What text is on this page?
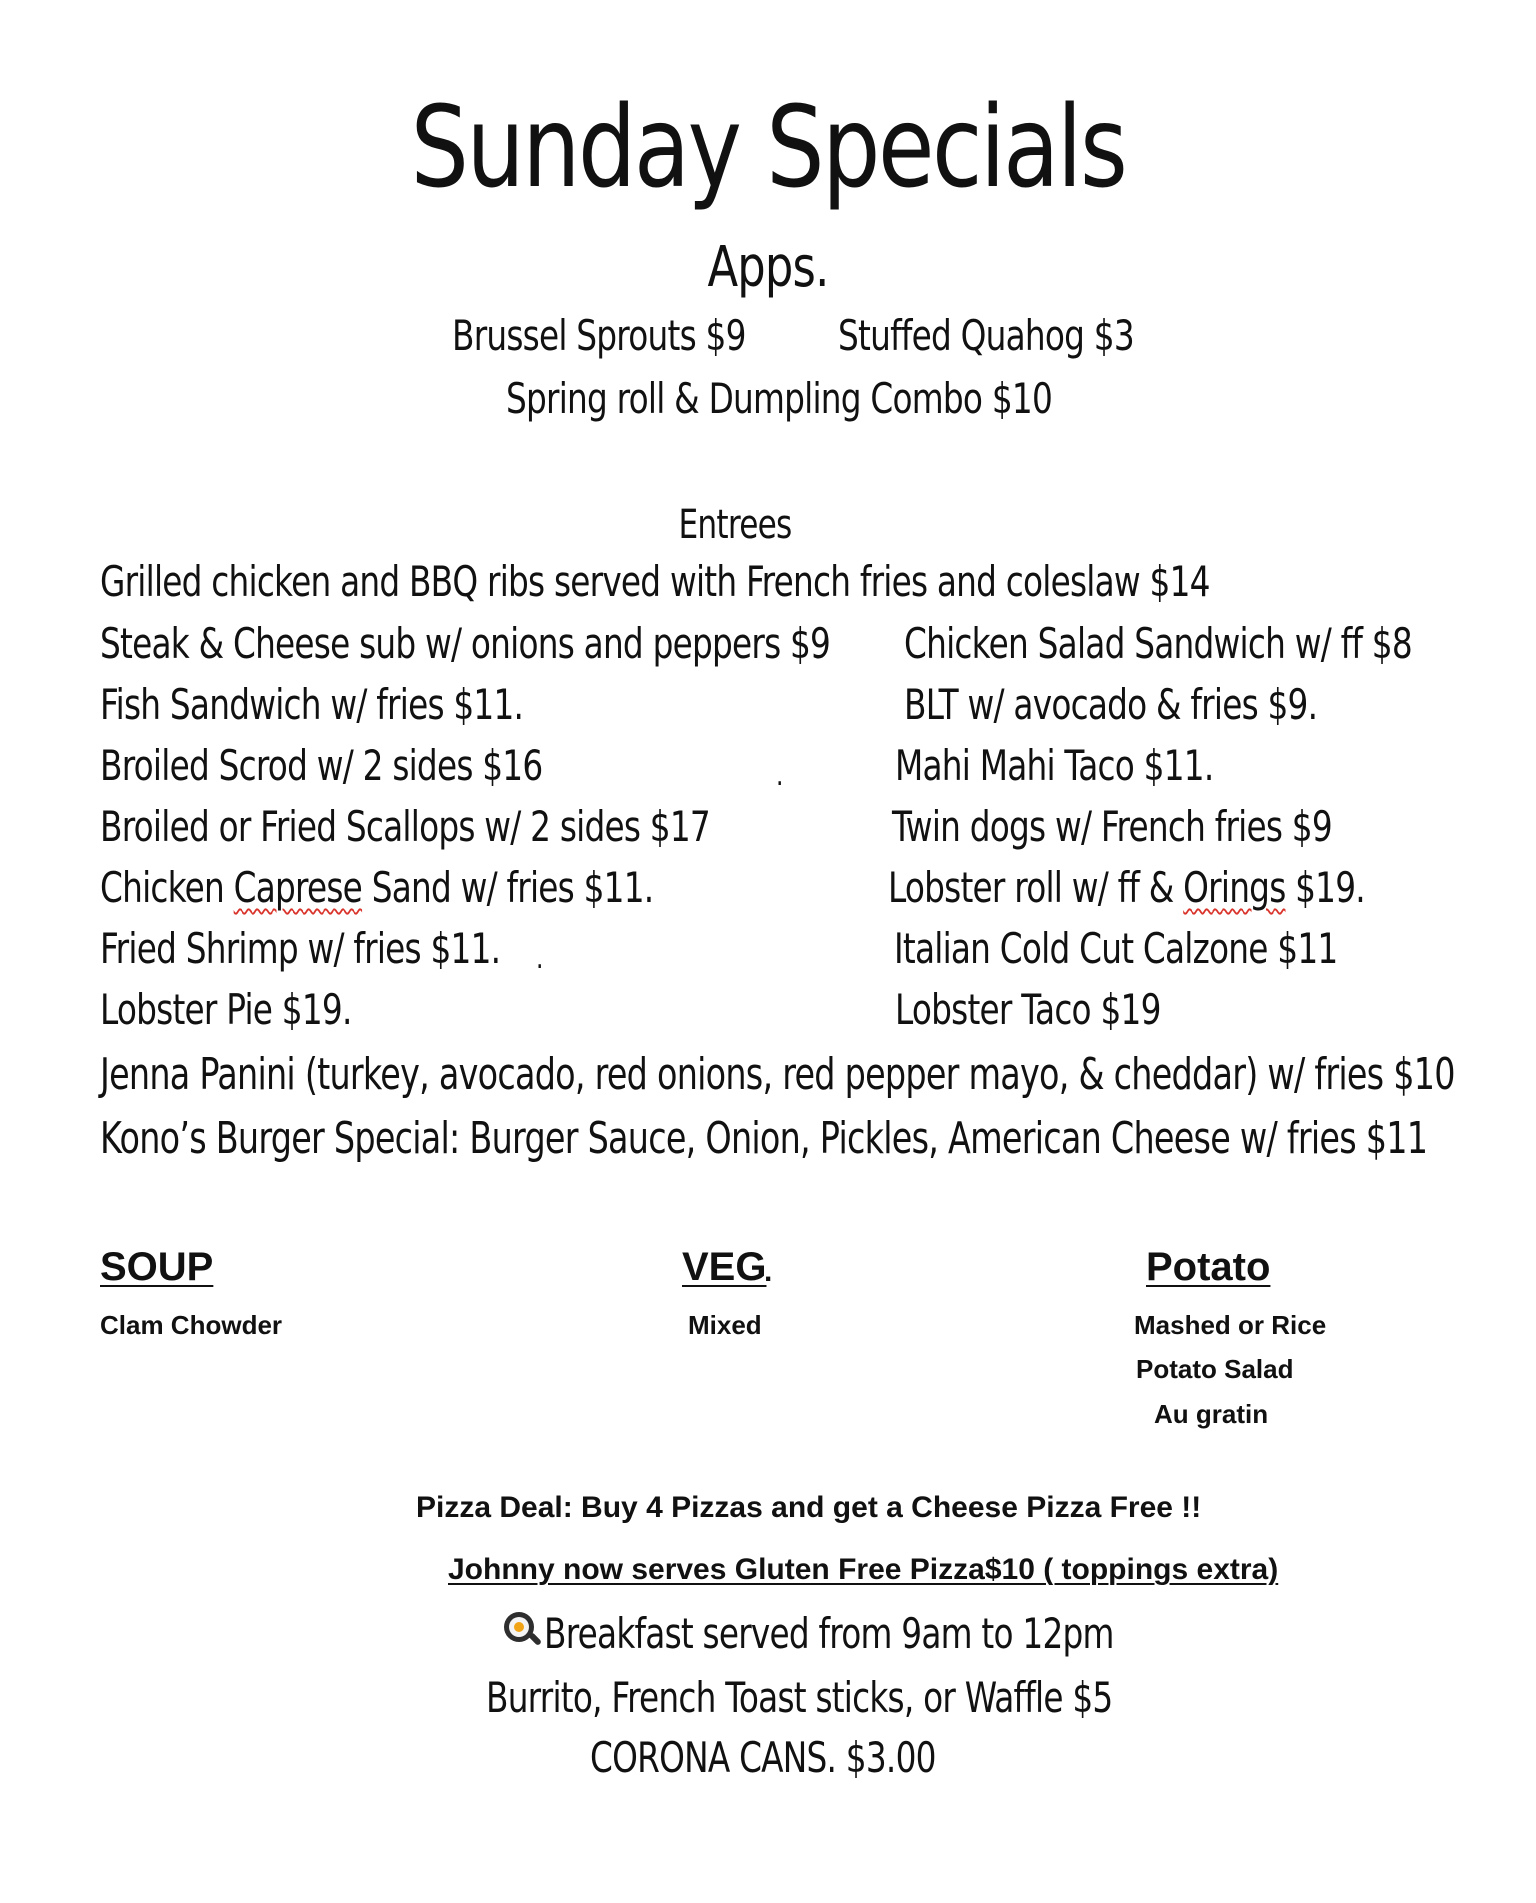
Sunday Specials
Apps.
Brussel Sprouts $9 Stuffed Quahog $3
Spring roll & Dumpling Combo $10
Entrees
Grilled chicken and BBQ ribs served with French fries and coleslaw $14
Steak & Cheese sub w/ onions and peppers $9
Fish Sandwich w/ fries $11.
Broiled Scrod w/ 2 sides $16	.
Broiled or Fried Scallops w/ 2 sides $17
Chicken Caprese Sand w/ fries $11.
Fried Shrimp w/ fries $11. .
Lobster Pie $19.
Chicken Salad Sandwich w/ ff $8
BLT w/ avocado & fries $9.
Mahi Mahi Taco $11.
Twin dogs w/ French fries $9
Lobster roll w/ ff & Orings $19.
Italian Cold Cut Calzone $11
Lobster Taco $19
Jenna Panini (turkey, avocado, red onions, red pepper mayo, & cheddar) w/ fries $10
Kono’s Burger Special: Burger Sauce, Onion, Pickles, American Cheese w/ fries $11
SOUP
Clam Chowder
VEG
.
Mixed
Potato
Mashed or Rice
Potato Salad
Au gratin
Pizza Deal: Buy 4 Pizzas and get a Cheese Pizza Free !!
Johnny now serves Gluten Free Pizza$10 ( toppings extra)
Breakfast served from 9am to 12pm
Burrito, French Toast sticks, or Waffle $5
CORONA CANS. $3.00
